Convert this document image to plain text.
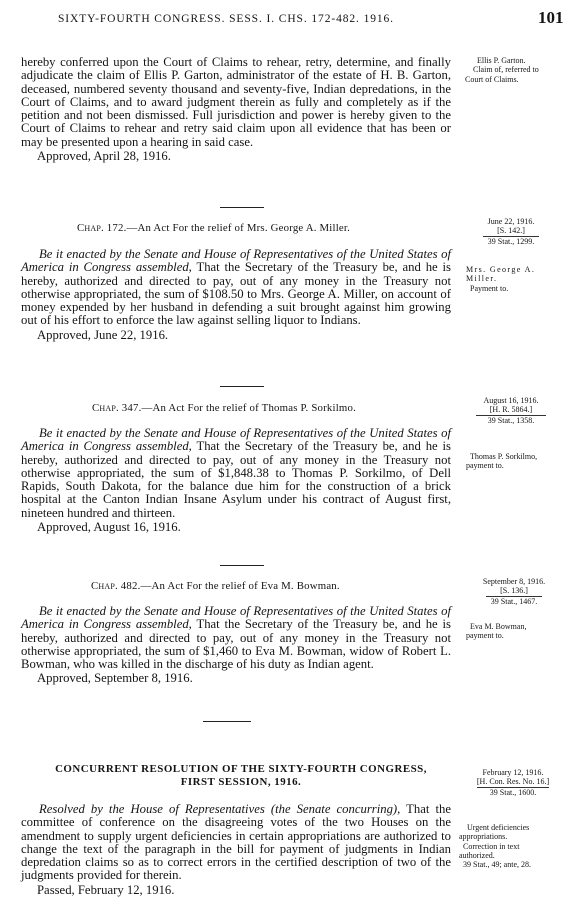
SIXTY-FOURTH CONGRESS. SESS. I. CHS. 172-482. 1916.	101

hereby conferred upon the Court of Claims to rehear, retry, determine, and finally adjudicate the claim of Ellis P. Garton, administrator of the estate of H. B. Garton, deceased, numbered seventy thousand and seventy-five, Indian depredations, in the Court of Claims, and to award judgment therein as fully and completely as if the petition and not been dismissed. Full jurisdiction and power is hereby given to the Court of Claims to rehear and retry said claim upon all evidence that has been or may be presented upon a hearing in said case.

Approved, April 28, 1916.

Ellis P. Garton.
Claim of, referred to
Court of Claims.
Chap. 172.—An Act For the relief of Mrs. George A. Miller.
June 22, 1916.
[S. 142.]
39 Stat., 1299.

Be it enacted by the Senate and House of Representatives of the United States of America in Congress assembled, That the Secretary of the Treasury be, and he is hereby, authorized and directed to pay, out of any money in the Treasury not otherwise appropriated, the sum of $108.50 to Mrs. George A. Miller, on account of money expended by her husband in defending a suit brought against him growing out of his effort to enforce the law against selling liquor to Indians.

Approved, June 22, 1916.

Mrs. George A. Miller.
Payment to.
Chap. 347.—An Act For the relief of Thomas P. Sorkilmo.
August 16, 1916.
[H. R. 5864.]
39 Stat., 1358.

Be it enacted by the Senate and House of Representatives of the United States of America in Congress assembled, That the Secretary of the Treasury be, and he is hereby, authorized and directed to pay, out of any money in the Treasury not otherwise appropriated, the sum of $1,848.38 to Thomas P. Sorkilmo, of Dell Rapids, South Dakota, for the balance due him for the construction of a brick hospital at the Canton Indian Insane Asylum under his contract of August first, nineteen hundred and thirteen.

Approved, August 16, 1916.

Thomas P. Sorkilmo,
payment to.
Chap. 482.—An Act For the relief of Eva M. Bowman.	September 8, 1916.
[S. 136.]
39 Stat., 1467.

Be it enacted by the Senate and House of Representatives of the United States of America in Congress assembled, That the Secretary of the Treasury be, and he is hereby, authorized and directed to pay, out of any money in the Treasury not otherwise appropriated, the sum of $1,460 to Eva M. Bowman, widow of Robert L. Bowman, who was killed in the discharge of his duty as Indian agent.

Approved, September 8, 1916.

Eva M. Bowman,
payment to.
CONCURRENT RESOLUTION OF THE SIXTY-FOURTH CONGRESS,
FIRST SESSION, 1916.
February 12, 1916.
[H. Con. Res. No. 16.]
39 Stat., 1600.

Resolved by the House of Representatives (the Senate concurring), That the committee of conference on the disagreeing votes of the two Houses on the amendment to supply urgent deficiencies in certain appropriations are authorized to change the text of the paragraph in the bill for payment of judgments in Indian depredation claims so as to correct errors in the certified description of two of the judgments provided for therein.

Passed, February 12, 1916.

Urgent deficiencies
appropriations.
Correction in text
authorized.
39 Stat., 49; ante, 28.
